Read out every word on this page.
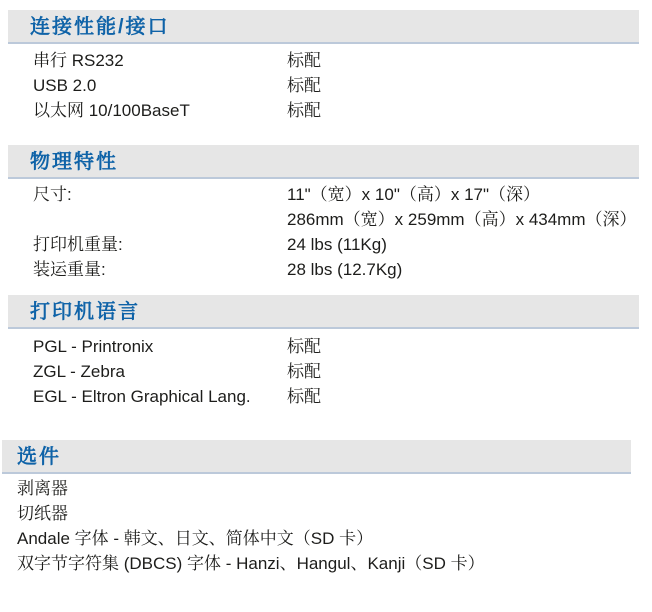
连接性能/接口
串行 RS232	标配
USB 2.0	标配
以太网 10/100BaseT	标配
物理特性
尺寸:	11"（宽）x 10"（高）x 17"（深）
286mm（宽）x 259mm（高）x 434mm（深）
打印机重量:	24 lbs (11Kg)
装运重量:	28 lbs (12.7Kg)
打印机语言
PGL - Printronix	标配
ZGL - Zebra	标配
EGL - Eltron Graphical Lang. 标配
选件
剥离器
切纸器
Andale 字体 - 韩文、日文、简体中文（SD 卡）
双字节字符集 (DBCS) 字体 - Hanzi、Hangul、Kanji（SD 卡）
